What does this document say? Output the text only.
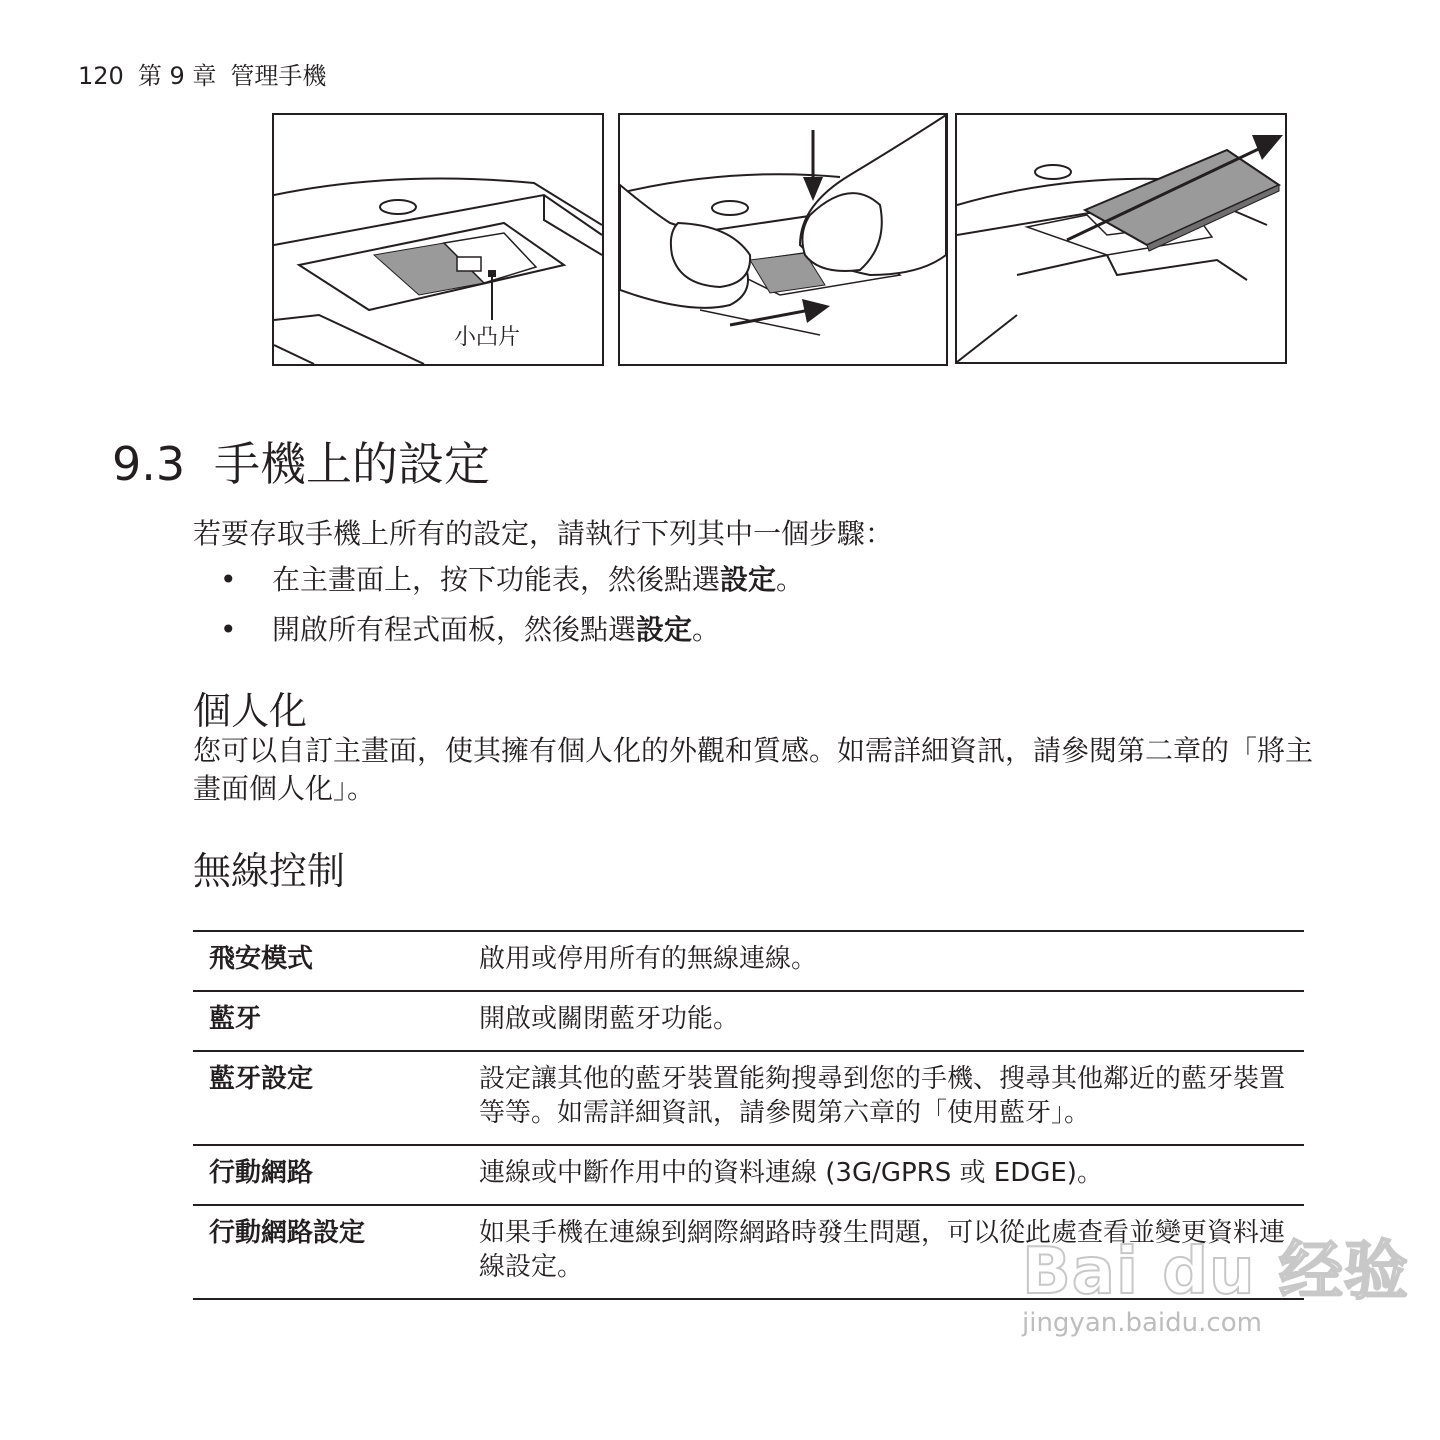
120 第 9 章 管理手機
小凸片
9.3 手機上的設定
若要存取手機上所有的設定，請執行下列其中一個步驟：
• 在主畫面上，按下功能表，然後點選設定。
• 開啟所有程式面板，然後點選設定。
個人化
您可以自訂主畫面，使其擁有個人化的外觀和質感。如需詳細資訊，請參閱第二章的「將主畫面個人化」。
無線控制
飛安模式	啟用或停用所有的無線連線。
藍牙	開啟或關閉藍牙功能。
藍牙設定	設定讓其他的藍牙裝置能夠搜尋到您的手機、搜尋其他鄰近的藍牙裝置等等。如需詳細資訊，請參閱第六章的「使用藍牙」。
行動網路	連線或中斷作用中的資料連線 (3G/GPRS 或 EDGE)。
行動網路設定	如果手機在連線到網際網路時發生問題，可以從此處查看並變更資料連線設定。	Bai du 经验
jingyan.baidu.com
